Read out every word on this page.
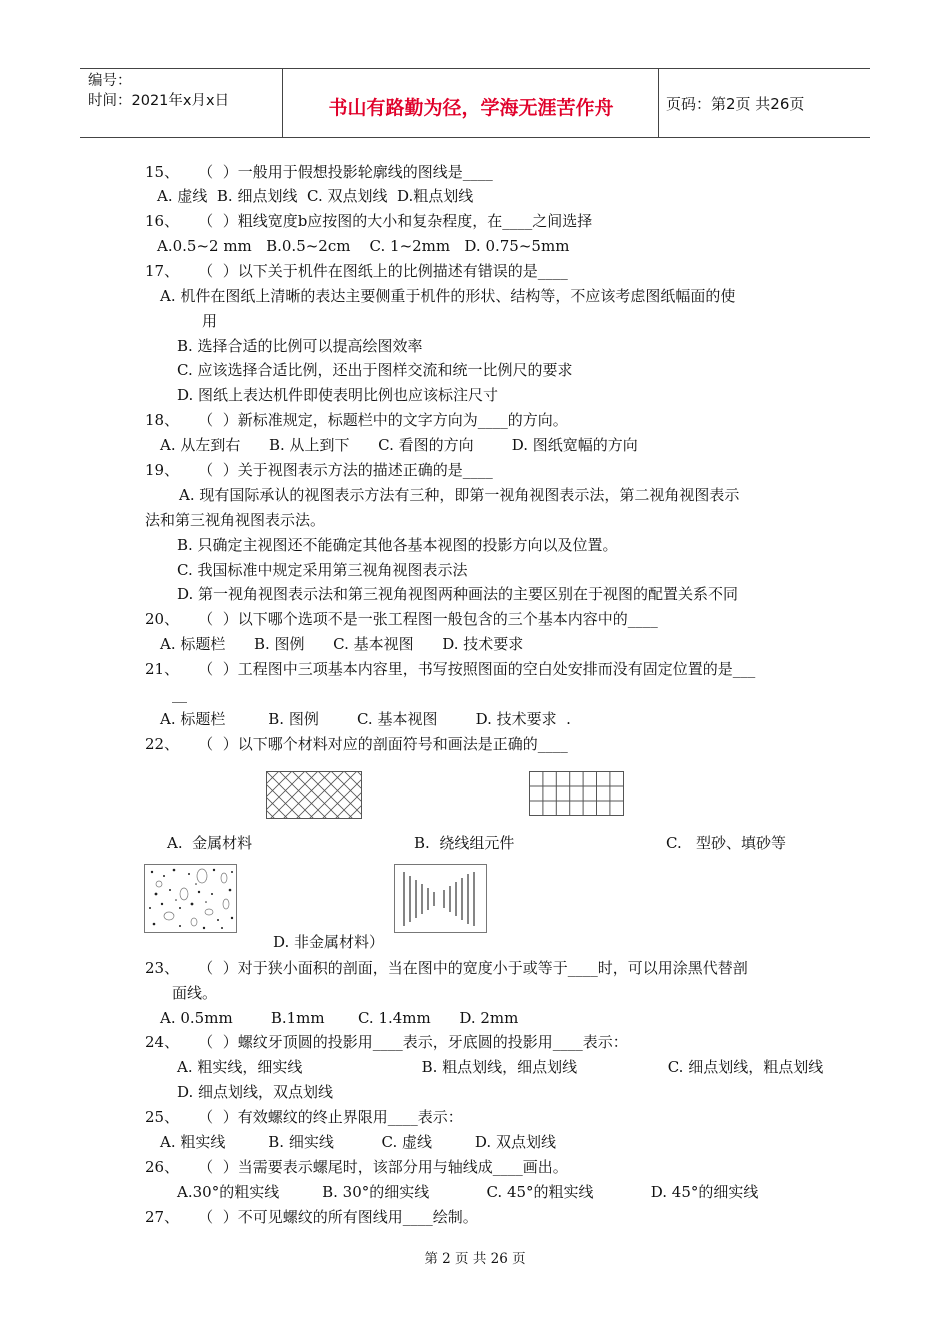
编号：
时间：2021年x月x日	书山有路勤为径，学海无涯苦作舟	页码：第2页 共26页
15、    （  ）一般用于假想投影轮廓线的图线是____
A. 虚线  B. 细点划线  C. 双点划线  D.粗点划线
16、    （  ）粗线宽度b应按图的大小和复杂程度，在____之间选择
A.0.5~2 mm   B.0.5~2cm    C. 1~2mm   D. 0.75~5mm
17、    （  ）以下关于机件在图纸上的比例描述有错误的是____
A. 机件在图纸上清晰的表达主要侧重于机件的形状、结构等，不应该考虑图纸幅面的使
用
B. 选择合适的比例可以提高绘图效率
C. 应该选择合适比例，还出于图样交流和统一比例尺的要求
D. 图纸上表达机件即使表明比例也应该标注尺寸
18、    （  ）新标准规定，标题栏中的文字方向为____的方向。
A. 从左到右      B. 从上到下      C. 看图的方向        D. 图纸宽幅的方向
19、    （  ）关于视图表示方法的描述正确的是____
A. 现有国际承认的视图表示方法有三种，即第一视角视图表示法，第二视角视图表示
法和第三视角视图表示法。
B. 只确定主视图还不能确定其他各基本视图的投影方向以及位置。
C. 我国标准中规定采用第三视角视图表示法
D. 第一视角视图表示法和第三视角视图两种画法的主要区别在于视图的配置关系不同
20、    （  ）以下哪个选项不是一张工程图一般包含的三个基本内容中的____
A. 标题栏      B. 图例      C. 基本视图      D. 技术要求
21、    （  ）工程图中三项基本内容里，书写按照图面的空白处安排而没有固定位置的是___
__
A. 标题栏         B. 图例        C. 基本视图        D. 技术要求  .
22、    （  ）以下哪个材料对应的剖面符号和画法是正确的____
A.  金属材料	B.  绕线组元件	C.   型砂、填砂等
D. 非金属材料）
23、    （  ）对于狭小面积的剖面，当在图中的宽度小于或等于____时，可以用涂黑代替剖
面线。
A. 0.5mm        B.1mm       C. 1.4mm      D. 2mm
24、    （  ）螺纹牙顶圆的投影用____表示，牙底圆的投影用____表示：
A. 粗实线，细实线                         B. 粗点划线，细点划线                   C. 细点划线，粗点划线
D. 细点划线，双点划线
25、    （  ）有效螺纹的终止界限用____表示：
A. 粗实线         B. 细实线          C. 虚线         D. 双点划线
26、    （  ）当需要表示螺尾时，该部分用与轴线成____画出。
A.30°的粗实线         B. 30°的细实线            C. 45°的粗实线            D. 45°的细实线
27、    （  ）不可见螺纹的所有图线用____绘制。
第 2 页 共 26 页
